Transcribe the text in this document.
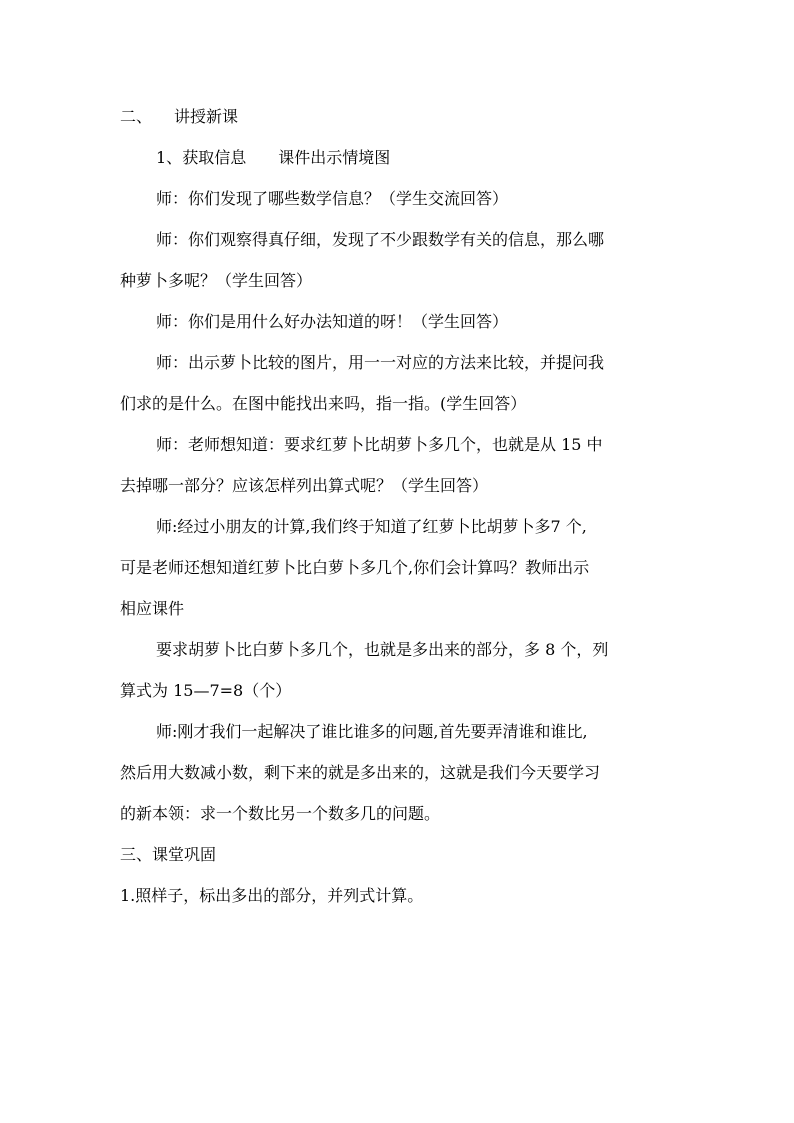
二、 讲授新课
1、获取信息 课件出示情境图
师：你们发现了哪些数学信息？（学生交流回答）
师：你们观察得真仔细，发现了不少跟数学有关的信息，那么哪
种萝卜多呢？（学生回答）
师：你们是用什么好办法知道的呀！（学生回答）
师：出示萝卜比较的图片，用一一对应的方法来比较，并提问我
们求的是什么。在图中能找出来吗，指一指。(学生回答）
师：老师想知道：要求红萝卜比胡萝卜多几个，也就是从 15 中
去掉哪一部分？应该怎样列出算式呢？（学生回答）
师:经过小朋友的计算,我们终于知道了红萝卜比胡萝卜多7 个,
可是老师还想知道红萝卜比白萝卜多几个,你们会计算吗？教师出示
相应课件
要求胡萝卜比白萝卜多几个，也就是多出来的部分，多 8 个，列
算式为 15—7=8（个）
师:刚才我们一起解决了谁比谁多的问题,首先要弄清谁和谁比,
然后用大数减小数，剩下来的就是多出来的，这就是我们今天要学习
的新本领：求一个数比另一个数多几的问题。
三、课堂巩固
1.照样子，标出多出的部分，并列式计算。
